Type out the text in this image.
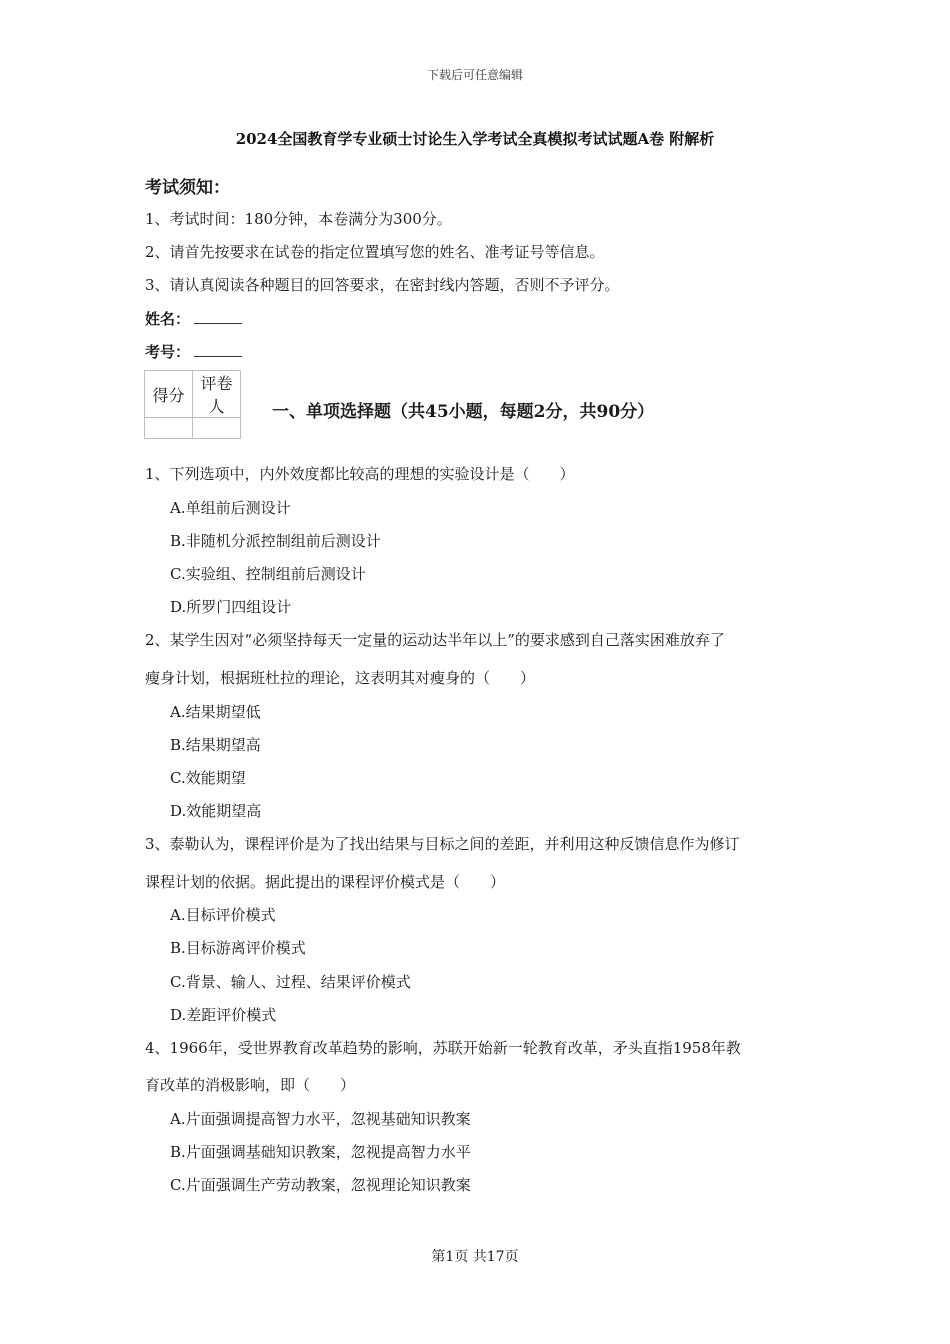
下载后可任意编辑
2024全国教育学专业硕士讨论生入学考试全真模拟考试试题A卷 附解析
考试须知：
1、考试时间：180分钟，本卷满分为300分。
2、请首先按要求在试卷的指定位置填写您的姓名、准考证号等信息。
3、请认真阅读各种题目的回答要求，在密封线内答题，否则不予评分。
姓名：
考号：
得分	评卷人
		一、单项选择题（共45小题，每题2分，共90分）
1、下列选项中，内外效度都比较高的理想的实验设计是（　　）
A.单组前后测设计
B.非随机分派控制组前后测设计
C.实验组、控制组前后测设计
D.所罗门四组设计
2、某学生因对“必须坚持每天一定量的运动达半年以上”的要求感到自己落实困难放弃了
瘦身计划，根据班杜拉的理论，这表明其对瘦身的（　　）
A.结果期望低
B.结果期望高
C.效能期望
D.效能期望高
3、泰勒认为，课程评价是为了找出结果与目标之间的差距，并利用这种反馈信息作为修订
课程计划的依据。据此提出的课程评价模式是（　　）
A.目标评价模式
B.目标游离评价模式
C.背景、输人、过程、结果评价模式
D.差距评价模式
4、1966年，受世界教育改革趋势的影响，苏联开始新一轮教育改革，矛头直指1958年教
育改革的消极影响，即（　　）
A.片面强调提高智力水平，忽视基础知识教案
B.片面强调基础知识教案，忽视提高智力水平
C.片面强调生产劳动教案，忽视理论知识教案
第1页 共17页
